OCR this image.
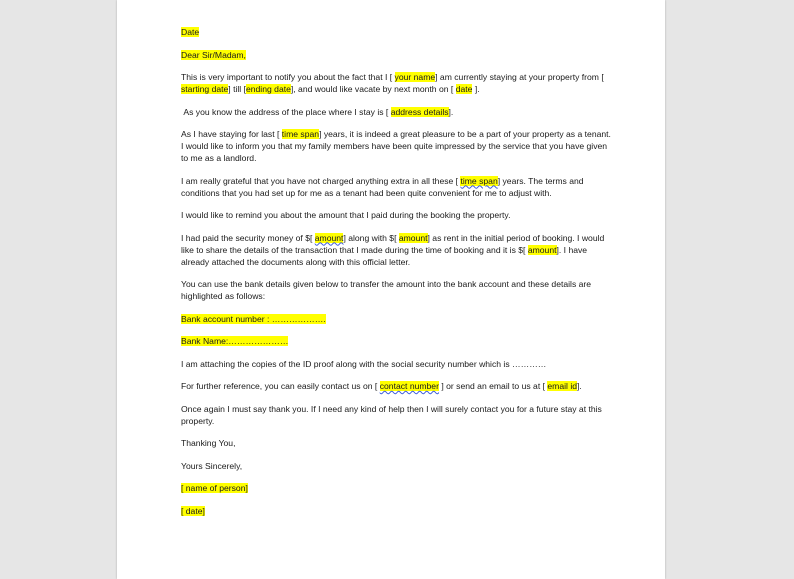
Date
Dear Sir/Madam,
This is very important to notify you about the fact that I [ your name] am currently staying at your property from [ starting date] till [ending date], and would like vacate by next month on [ date ].
As you know the address of the place where I stay is [ address details].
As I have staying for last [ time span] years, it is indeed a great pleasure to be a part of your property as a tenant. I would like to inform you that my family members have been quite impressed by the service that you have given to me as a landlord.
I am really grateful that you have not charged anything extra in all these [ time span] years. The terms and conditions that you had set up for me as a tenant had been quite convenient for me to adjust with.
I would like to remind you about the amount that I paid during the booking the property.
I had paid the security money of $[ amount] along with $[ amount] as rent in the initial period of booking. I would like to share the details of the transaction that I made during the time of booking and it is $[ amount]. I have already attached the documents along with this official letter.
You can use the bank details given below to transfer the amount into the bank account and these details are highlighted as follows:
Bank account number : ……………….
Bank Name:…………………
I am attaching the copies of the ID proof along with the social security number which is …………
For further reference, you can easily contact us on [ contact number ] or send an email to us at [ email id].
Once again I must say thank you. If I need any kind of help then I will surely contact you for a future stay at this property.
Thanking You,
Yours Sincerely,
[ name of person]
[ date]
